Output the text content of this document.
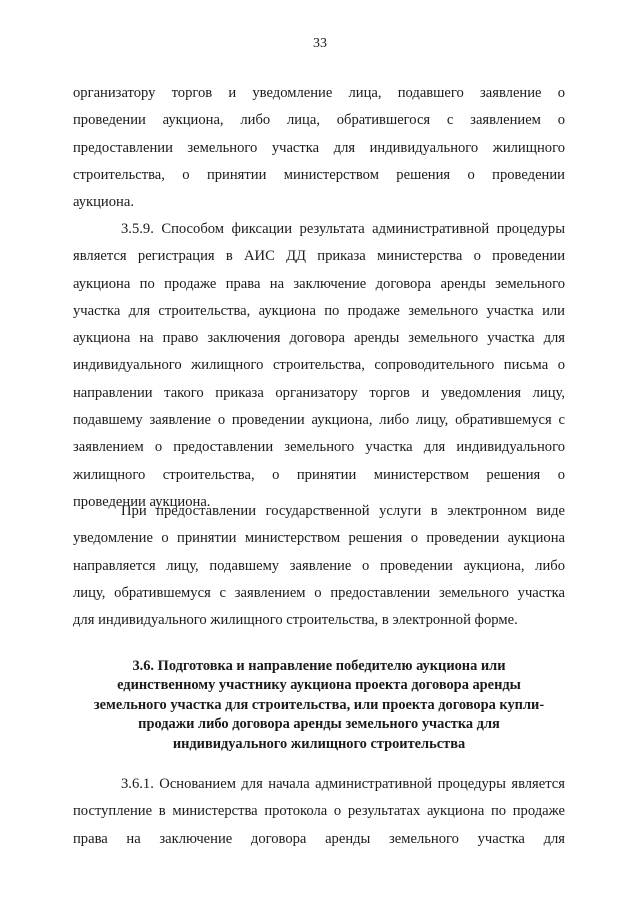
33
организатору торгов и уведомление лица, подавшего заявление о
проведении аукциона, либо лица, обратившегося с заявлением о
предоставлении земельного участка для индивидуального жилищного
строительства, о принятии министерством решения о проведении
аукциона.
3.5.9. Способом фиксации результата административной процедуры
является регистрация в АИС ДД приказа министерства о проведении
аукциона по продаже права на заключение договора аренды земельного
участка для строительства, аукциона по продаже земельного участка или
аукциона на право заключения договора аренды земельного участка для
индивидуального жилищного строительства, сопроводительного письма о
направлении такого приказа организатору торгов и уведомления лицу,
подавшему заявление о проведении аукциона, либо лицу, обратившемуся с
заявлением о предоставлении земельного участка для индивидуального
жилищного строительства, о принятии министерством решения о
проведении аукциона.
При предоставлении государственной услуги в электронном виде
уведомление о принятии министерством решения о проведении аукциона
направляется лицу, подавшему заявление о проведении аукциона, либо
лицу, обратившемуся с заявлением о предоставлении земельного участка
для индивидуального жилищного строительства, в электронной форме.
3.6. Подготовка и направление победителю аукциона или
единственному участнику аукциона проекта договора аренды
земельного участка для строительства, или проекта договора купли-
продажи либо договора аренды земельного участка для
индивидуального жилищного строительства
3.6.1. Основанием для начала административной процедуры является
поступление в министерства протокола о результатах аукциона по продаже
права на заключение договора аренды земельного участка для
